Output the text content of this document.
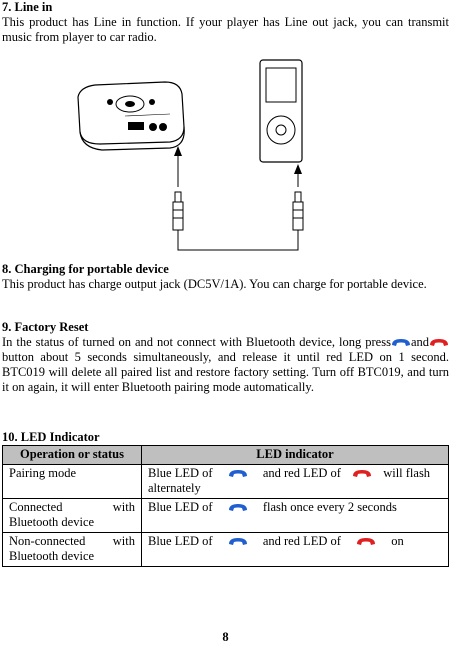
7. Line in

This product has Line in function. If your player has Line out jack, you can transmit music from player to car radio.

8. Charging for portable device

This product has charge output jack (DC5V/1A). You can charge for portable device.

9. Factory Reset

In the status of turned on and not connect with Bluetooth device, long press andbutton about 5 seconds simultaneously, and release it until red LED on 1 second. BTC019 will delete all paired list and restore factory setting. Turn off BTC019, and turn it on again, it will enter Bluetooth pairing mode automatically.

10. LED Indicator

Operation or status	LED indicator
Pairing mode	Blue LED of and red LED of will flash alternately
Connected with Bluetooth device	Blue LED of flash once every 2 seconds
Non-connected with Bluetooth device	Blue LED of and red LED of on
8
